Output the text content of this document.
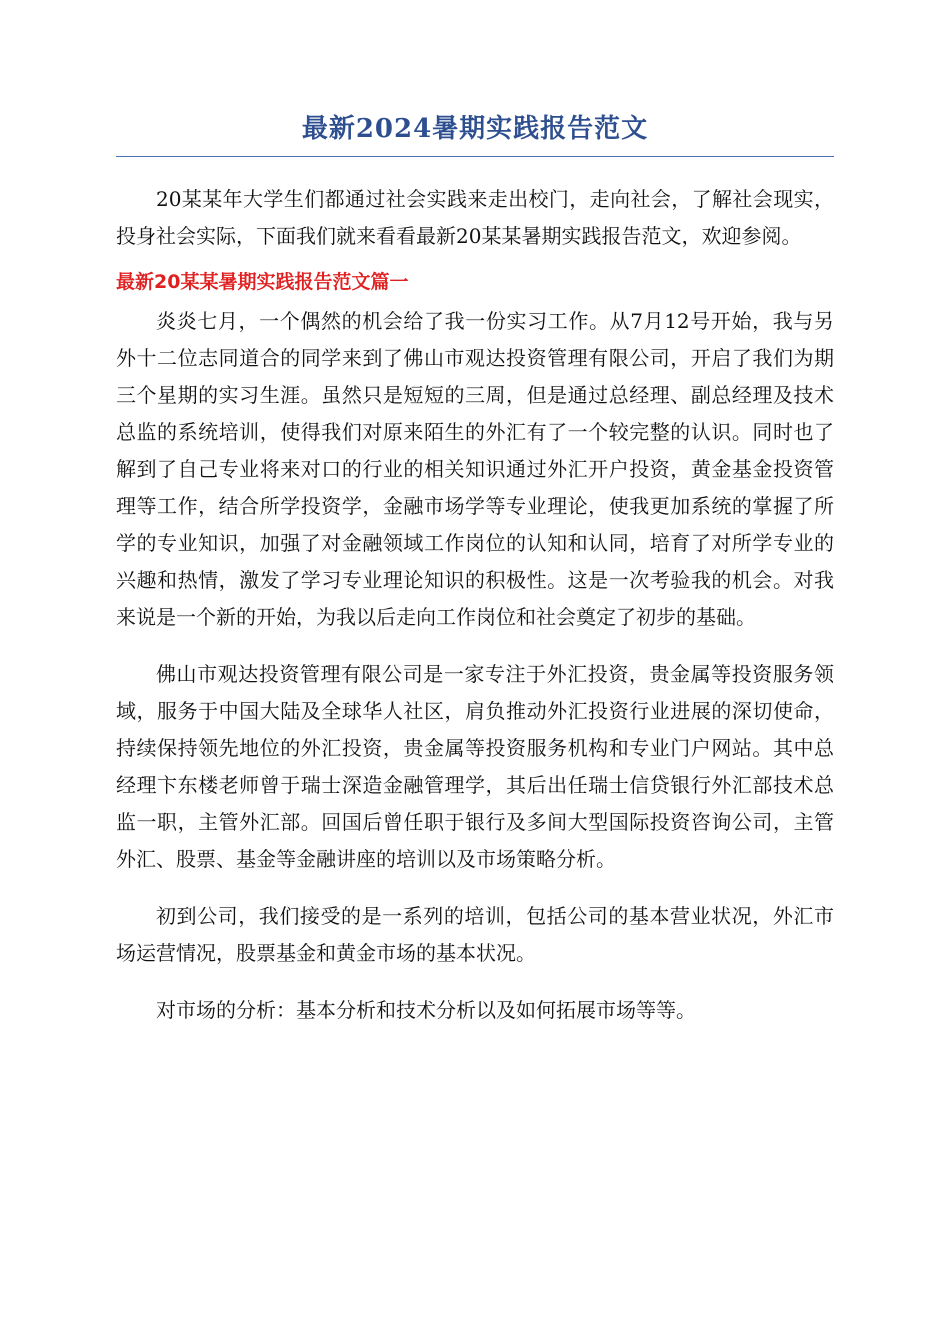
最新2024暑期实践报告范文

20某某年大学生们都通过社会实践来走出校门，走向社会，了解社会现实，投身社会实际，下面我们就来看看最新20某某暑期实践报告范文，欢迎参阅。

最新20某某暑期实践报告范文篇一

炎炎七月，一个偶然的机会给了我一份实习工作。从7月12号开始，我与另外十二位志同道合的同学来到了佛山市观达投资管理有限公司，开启了我们为期三个星期的实习生涯。虽然只是短短的三周，但是通过总经理、副总经理及技术总监的系统培训，使得我们对原来陌生的外汇有了一个较完整的认识。同时也了解到了自己专业将来对口的行业的相关知识通过外汇开户投资，黄金基金投资管理等工作，结合所学投资学，金融市场学等专业理论，使我更加系统的掌握了所学的专业知识，加强了对金融领域工作岗位的认知和认同，培育了对所学专业的兴趣和热情，激发了学习专业理论知识的积极性。这是一次考验我的机会。对我来说是一个新的开始，为我以后走向工作岗位和社会奠定了初步的基础。

佛山市观达投资管理有限公司是一家专注于外汇投资，贵金属等投资服务领域，服务于中国大陆及全球华人社区，肩负推动外汇投资行业进展的深切使命，持续保持领先地位的外汇投资，贵金属等投资服务机构和专业门户网站。其中总经理卞东楼老师曾于瑞士深造金融管理学，其后出任瑞士信贷银行外汇部技术总监一职，主管外汇部。回国后曾任职于银行及多间大型国际投资咨询公司，主管外汇、股票、基金等金融讲座的培训以及市场策略分析。

初到公司，我们接受的是一系列的培训，包括公司的基本营业状况，外汇市场运营情况，股票基金和黄金市场的基本状况。

对市场的分析：基本分析和技术分析以及如何拓展市场等等。
